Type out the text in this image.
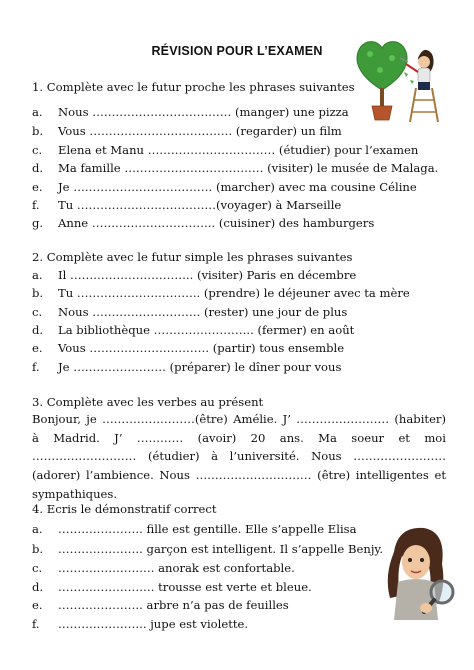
RÉVISION POUR L’EXAMEN
1. Complète avec le futur proche les phrases suivantes
a. Nous ……………………………… (manger) une pizza
b. Vous ………………………………. (regarder) un film
c. Elena et Manu …………………………… (étudier) pour l’examen
d. Ma famille ……………………………… (visiter) le musée de Malaga.
e. Je ……………………………… (marcher) avec ma cousine Céline
f. Tu ………………………………(voyager) à Marseille
g. Anne ………………………….. (cuisiner) des hamburgers
2. Complète avec le futur simple les phrases suivantes
a. Il ………………………….. (visiter) Paris en décembre
b. Tu ………………………….. (prendre) le déjeuner avec ta mère
c. Nous ………………………. (rester) une jour de plus
d. La bibliothèque …………………….. (fermer) en août
e. Vous …………………………. (partir) tous ensemble
f. Je …………………… (préparer) le dîner pour vous
3. Complète avec les verbes au présent
Bonjour, je ……………………(être) Amélie. J’ …………………… (habiter) à Madrid. J’ ………… (avoir) 20 ans. Ma soeur et moi ……………………… (étudier) à l’université. Nous …………………… (adorer) l’ambience. Nous ………………………… (être) intelligentes et sympathiques.
4. Ecris le démonstratif correct
a. …………………. fille est gentille. Elle s’appelle Elisa
b. …………………. garçon est intelligent. Il s’appelle Benjy.
c. ……………………. anorak est confortable.
d. ……………………. trousse est verte et bleue.
e. …………………. arbre n’a pas de feuilles
f. ………………….. jupe est violette.
